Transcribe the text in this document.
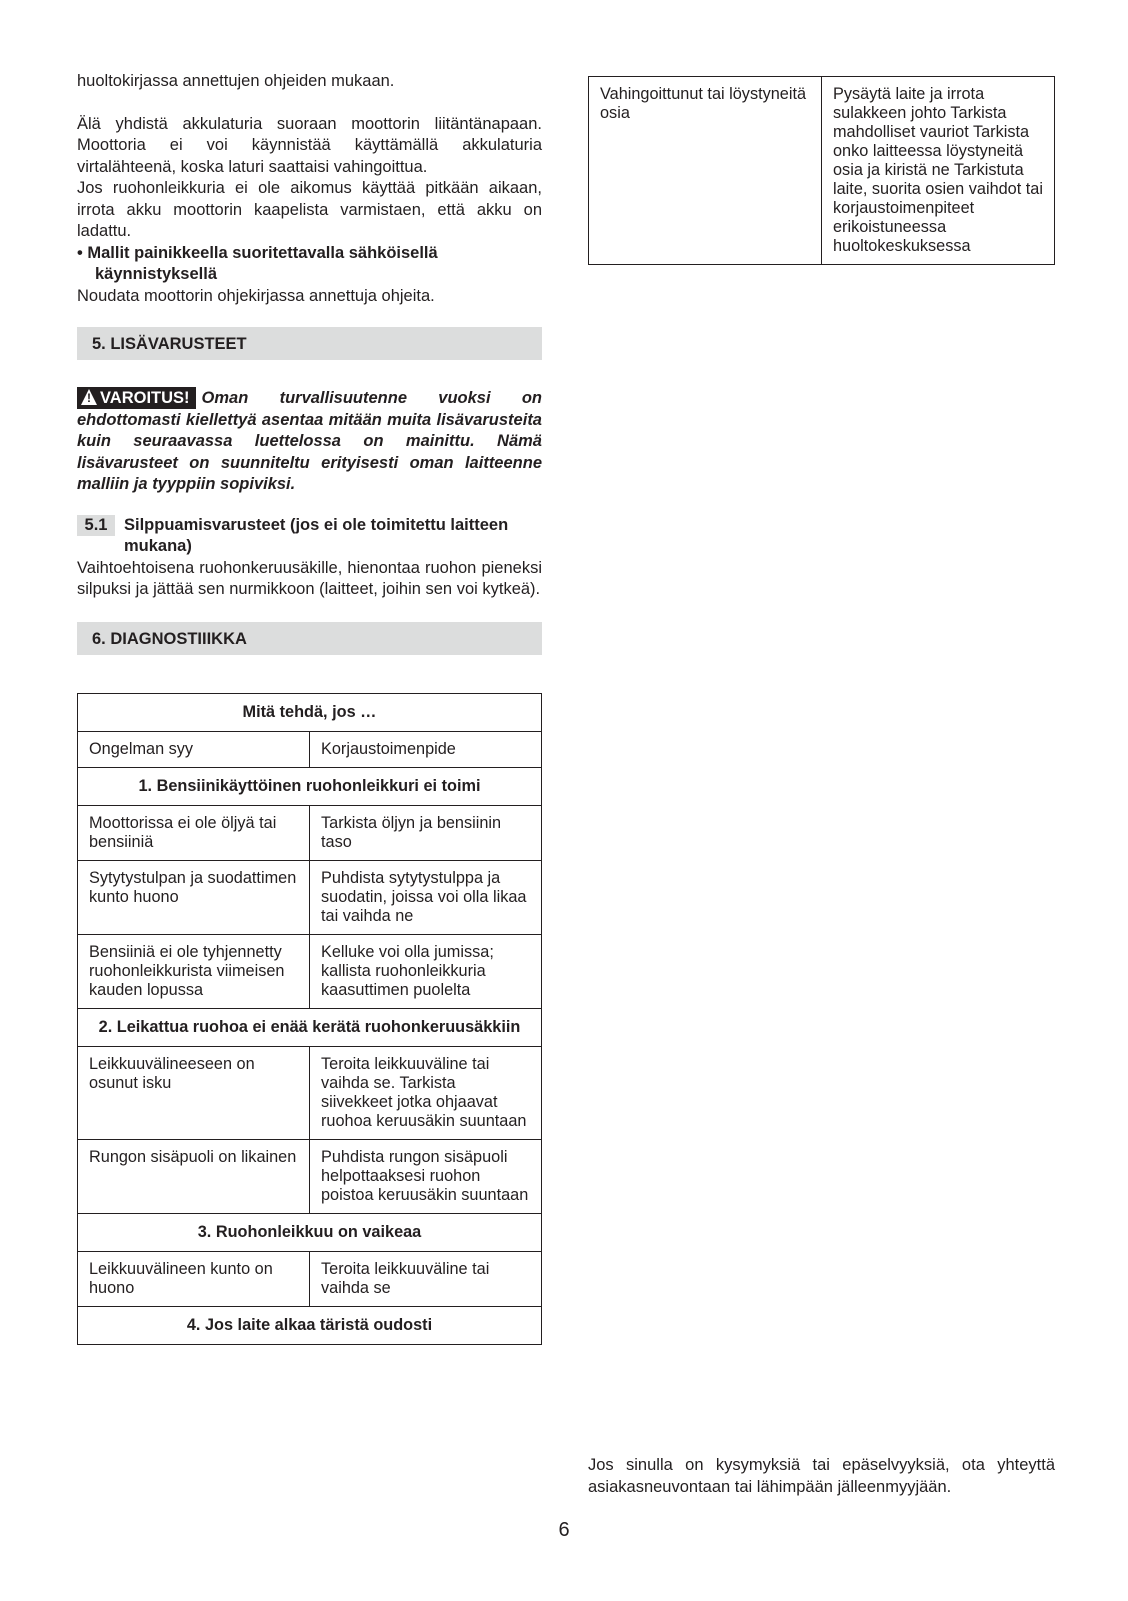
huoltokirjassa annettujen ohjeiden mukaan.

Älä yhdistä akkulaturia suoraan moottorin liitäntänapaan. Moottoria ei voi käynnistää käyttämällä akkulaturia virtalähteenä, koska laturi saattaisi vahingoittua.

Jos ruohonleikkuria ei ole aikomus käyttää pitkään aikaan, irrota akku moottorin kaapelista varmistaen, että akku on ladattu.

• Mallit painikkeella suoritettavalla sähköisellä käynnistyksellä

Noudata moottorin ohjekirjassa annettuja ohjeita.

5. LISÄVARUSTEET

!VAROITUS! Oman turvallisuutenne vuoksi on ehdottomasti kiellettyä asentaa mitään muita lisävarusteita kuin seuraavassa luettelossa on mainittu. Nämä lisävarusteet on suunniteltu erityisesti oman laitteenne malliin ja tyyppiin sopiviksi.

5.1	Silppuamisvarusteet (jos ei ole toimitettu laitteen mukana)

Vaihtoehtoisena ruohonkeruusäkille, hienontaa ruohon pieneksi silpuksi ja jättää sen nurmikkoon (laitteet, joihin sen voi kytkeä).

6. DIAGNOSTIIIKKA
Mitä tehdä, jos …	
Ongelman syy	Korjaustoimenpide
1. Bensiinikäyttöinen ruohonleikkuri ei toimi	
Moottorissa ei ole öljyä tai bensiiniä	Tarkista öljyn ja bensiinin taso
Sytytystulpan ja suodattimen kunto huono	Puhdista sytytystulppa ja suodatin, joissa voi olla likaa tai vaihda ne
Bensiiniä ei ole tyhjennetty ruohonleikkurista viimeisen kauden lopussa	Kelluke voi olla jumissa; kallista ruohonleikkuria kaasuttimen puolelta
2. Leikattua ruohoa ei enää kerätä ruohonkeruusäkkiin	
Leikkuuvälineeseen on osunut isku	Teroita leikkuuväline tai vaihda se. Tarkista siivekkeet jotka ohjaavat ruohoa keruusäkin suuntaan
Rungon sisäpuoli on likainen	Puhdista rungon sisäpuoli helpottaaksesi ruohon poistoa keruusäkin suuntaan
3. Ruohonleikkuu on vaikeaa	
Leikkuuvälineen kunto on huono	Teroita leikkuuväline tai vaihda se
4. Jos laite alkaa täristä oudosti	
Vahingoittunut tai löystyneitä osia	Pysäytä laite ja irrota sulakkeen johto Tarkista mahdolliset vauriot Tarkista onko laitteessa löystyneitä osia ja kiristä ne Tarkistuta laite, suorita osien vaihdot tai korjaustoimenpiteet erikoistuneessa huoltokeskuksessa

Jos sinulla on kysymyksiä tai epäselvyyksiä, ota yhteyttä asiakasneuvontaan tai lähimpään jälleenmyyjään.

6
